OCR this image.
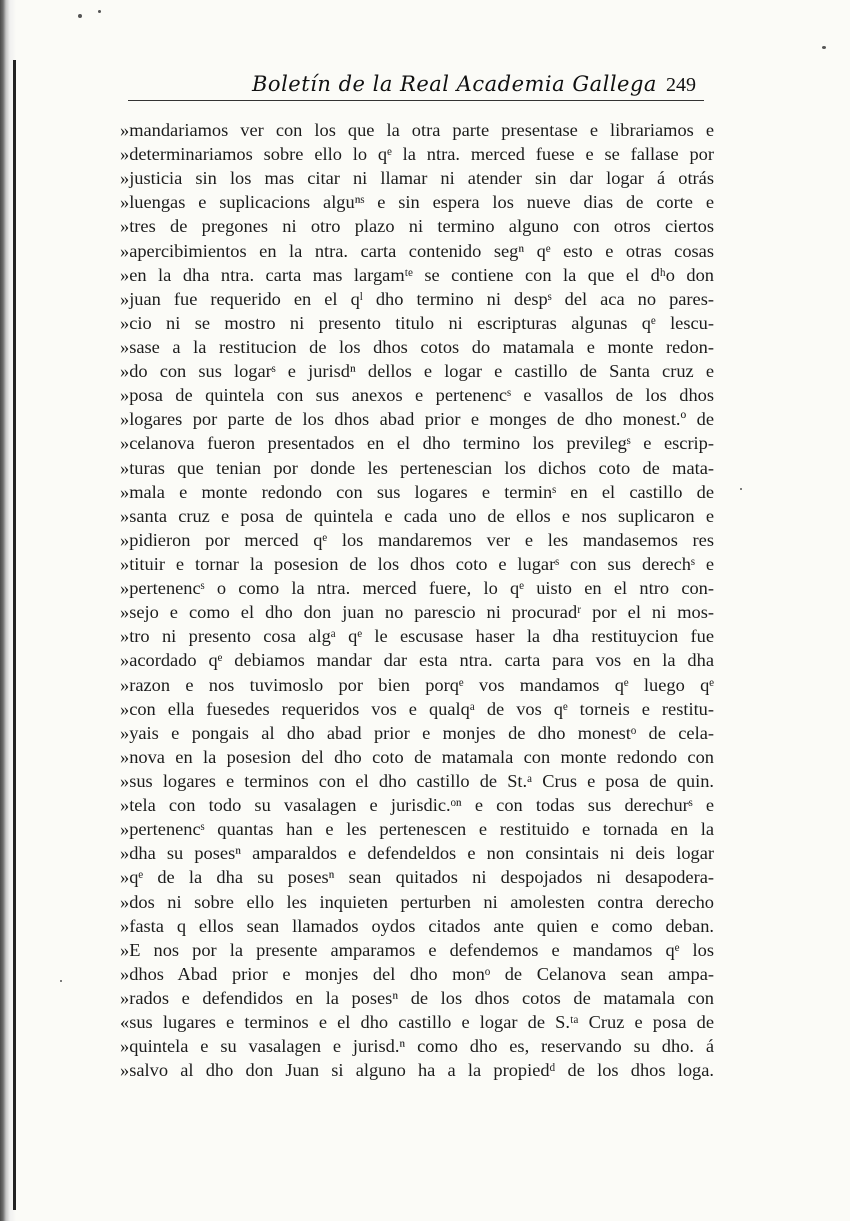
Boletín de la Real Academia Gallega 249
»mandariamos ver con los que la otra parte presentase e librariamos e
»determinariamos sobre ello lo qᵉ la ntra. merced fuese e se fallase por
»justicia sin los mas citar ni llamar ni atender sin dar logar á otrás
»luengas e suplicacions alguⁿˢ e sin espera los nueve dias de corte e
»tres de pregones ni otro plazo ni termino alguno con otros ciertos
»apercibimientos en la ntra. carta contenido segⁿ qᵉ esto e otras cosas
»en la dha ntra. carta mas largamᵗᵉ se contiene con la que el dʰo don
»juan fue requerido en el qˡ dho termino ni despˢ del aca no pares-
»cio ni se mostro ni presento titulo ni escripturas algunas qᵉ lescu-
»sase a la restitucion de los dhos cotos do matamala e monte redon-
»do con sus logarˢ e jurisdⁿ dellos e logar e castillo de Santa cruz e
»posa de quintela con sus anexos e pertenencˢ e vasallos de los dhos
»logares por parte de los dhos abad prior e monges de dho monest.º de
»celanova fueron presentados en el dho termino los previlegˢ e escrip-
»turas que tenian por donde les pertenescian los dichos coto de mata-
»mala e monte redondo con sus logares e terminˢ en el castillo de
»santa cruz e posa de quintela e cada uno de ellos e nos suplicaron e
»pidieron por merced qᵉ los mandaremos ver e les mandasemos res
»tituir e tornar la posesion de los dhos coto e lugarˢ con sus derechˢ e
»pertenencˢ o como la ntra. merced fuere, lo qᵉ uisto en el ntro con-
»sejo e como el dho don juan no parescio ni procuradʳ por el ni mos-
»tro ni presento cosa algᵃ qᵉ le escusase haser la dha restituycion fue
»acordado qᵉ debiamos mandar dar esta ntra. carta para vos en la dha
»razon e nos tuvimoslo por bien porqᵉ vos mandamos qᵉ luego qᵉ
»con ella fuesedes requeridos vos e qualqᵃ de vos qᵉ torneis e restitu-
»yais e pongais al dho abad prior e monjes de dho monestᵒ de cela-
»nova en la posesion del dho coto de matamala con monte redondo con
»sus logares e terminos con el dho castillo de St.ᵃ Crus e posa de quin.
»tela con todo su vasalagen e jurisdic.ᵒⁿ e con todas sus derechurˢ e
»pertenencˢ quantas han e les pertenescen e restituido e tornada en la
»dha su posesⁿ amparaldos e defendeldos e non consintais ni deis logar
»qᵉ de la dha su posesⁿ sean quitados ni despojados ni desapodera-
»dos ni sobre ello les inquieten perturben ni amolesten contra derecho
»fasta q ellos sean llamados oydos citados ante quien e como deban.
»E nos por la presente amparamos e defendemos e mandamos qᵉ los
»dhos Abad prior e monjes del dho monᵒ de Celanova sean ampa-
»rados e defendidos en la posesⁿ de los dhos cotos de matamala con
«sus lugares e terminos e el dho castillo e logar de S.ᵗᵃ Cruz e posa de
»quintela e su vasalagen e jurisd.ⁿ como dho es, reservando su dho. á
»salvo al dho don Juan si alguno ha a la propiedᵈ de los dhos loga.
